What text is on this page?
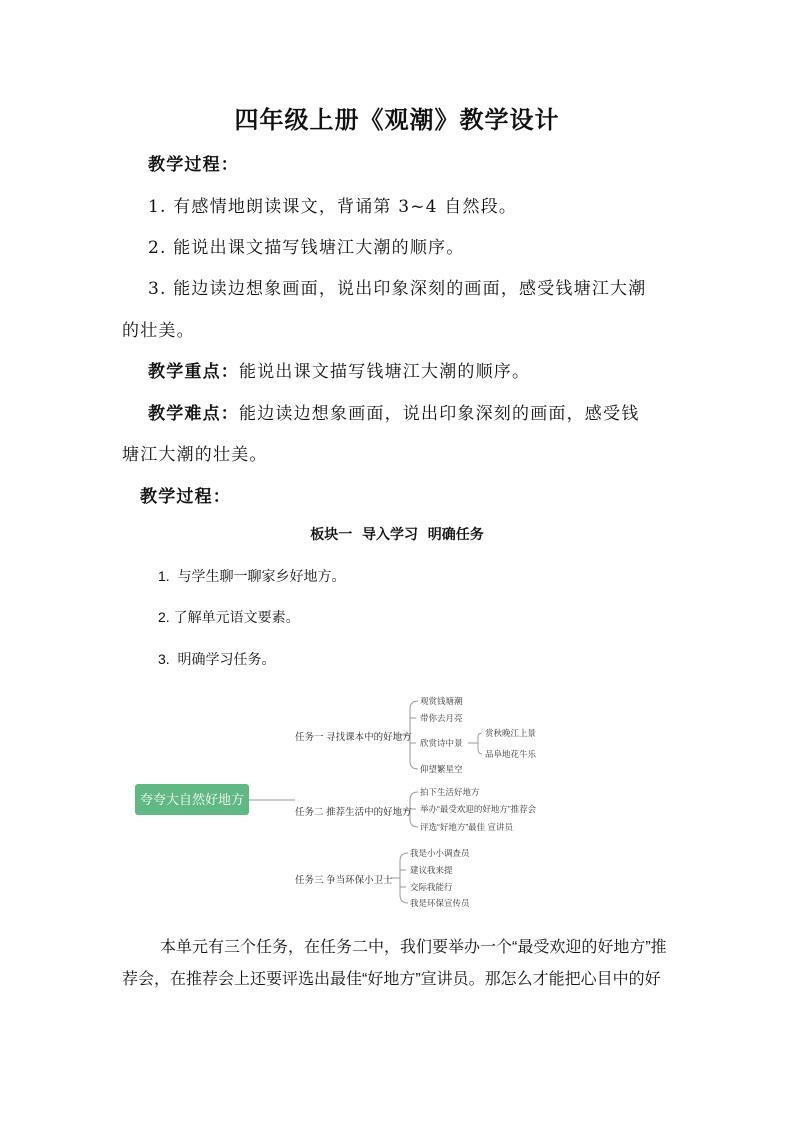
四年级上册《观潮》教学设计
教学过程：
1. 有感情地朗读课文，背诵第 3~4 自然段。
2. 能说出课文描写钱塘江大潮的顺序。
3. 能边读边想象画面，说出印象深刻的画面，感受钱塘江大潮
的壮美。
教学重点：能说出课文描写钱塘江大潮的顺序。
教学难点：能边读边想象画面，说出印象深刻的画面，感受钱
塘江大潮的壮美。
教学过程：
板块一  导入学习  明确任务
1.  与学生聊一聊家乡好地方。
2. 了解单元语文要素。
3.  明确学习任务。
夸夸大自然好地方
任务一 寻找课本中的好地方
观赏钱塘潮
带你去月亮
欣赏诗中景
仰望繁星空
赏秋晚江上景
品阜地花牛乐
任务二 推荐生活中的好地方
拍下生活好地方
举办“最受欢迎的好地方”推荐会
评选“好地方”最佳 宣讲员
任务三 争当环保小卫士
我是小小调查员
建议我来提
交际我能行
我是环保宣传员
本单元有三个任务，在任务二中，我们要举办一个“最受欢迎的好地方”推
荐会，在推荐会上还要评选出最佳“好地方”宣讲员。那怎么才能把心目中的好
